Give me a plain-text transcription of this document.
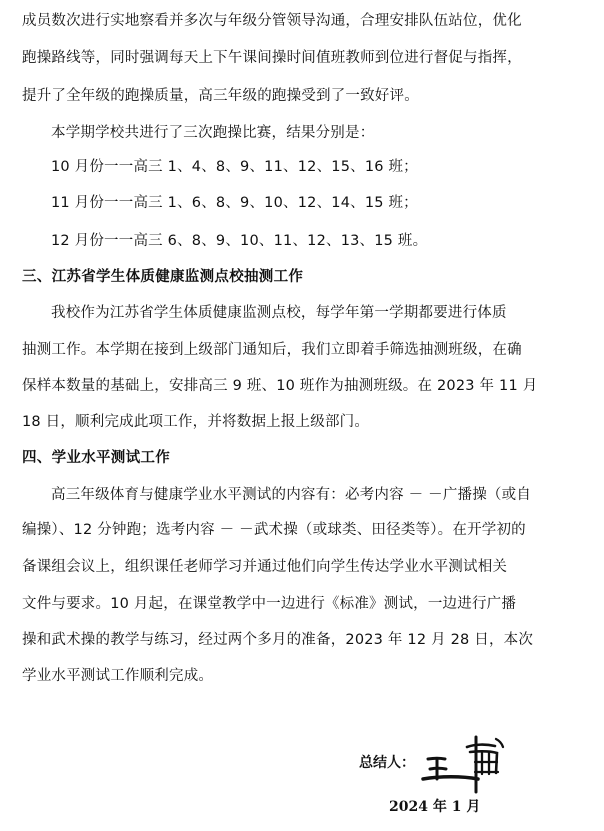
成员数次进行实地察看并多次与年级分管领导沟通，合理安排队伍站位，优化
跑操路线等，同时强调每天上下午课间操时间值班教师到位进行督促与指挥，
提升了全年级的跑操质量，高三年级的跑操受到了一致好评。
本学期学校共进行了三次跑操比赛，结果分别是：
10 月份一一高三 1、4、8、9、11、12、15、16 班；
11 月份一一高三 1、6、8、9、10、12、14、15 班；
12 月份一一高三 6、8、9、10、11、12、13、15 班。
三、江苏省学生体质健康监测点校抽测工作
我校作为江苏省学生体质健康监测点校，每学年第一学期都要进行体质
抽测工作。本学期在接到上级部门通知后，我们立即着手筛选抽测班级，在确
保样本数量的基础上，安排高三 9 班、10 班作为抽测班级。在 2023 年 11 月
18 日，顺利完成此项工作，并将数据上报上级部门。
四、学业水平测试工作
高三年级体育与健康学业水平测试的内容有：必考内容 － －广播操（或自
编操）、12 分钟跑；选考内容 － －武术操（或球类、田径类等）。在开学初的
备课组会议上，组织课任老师学习并通过他们向学生传达学业水平测试相关
文件与要求。10 月起，在课堂教学中一边进行《标准》测试，一边进行广播
操和武术操的教学与练习，经过两个多月的准备，2023 年 12 月 28 日，本次
学业水平测试工作顺利完成。
总结人：
2024 年 1 月
